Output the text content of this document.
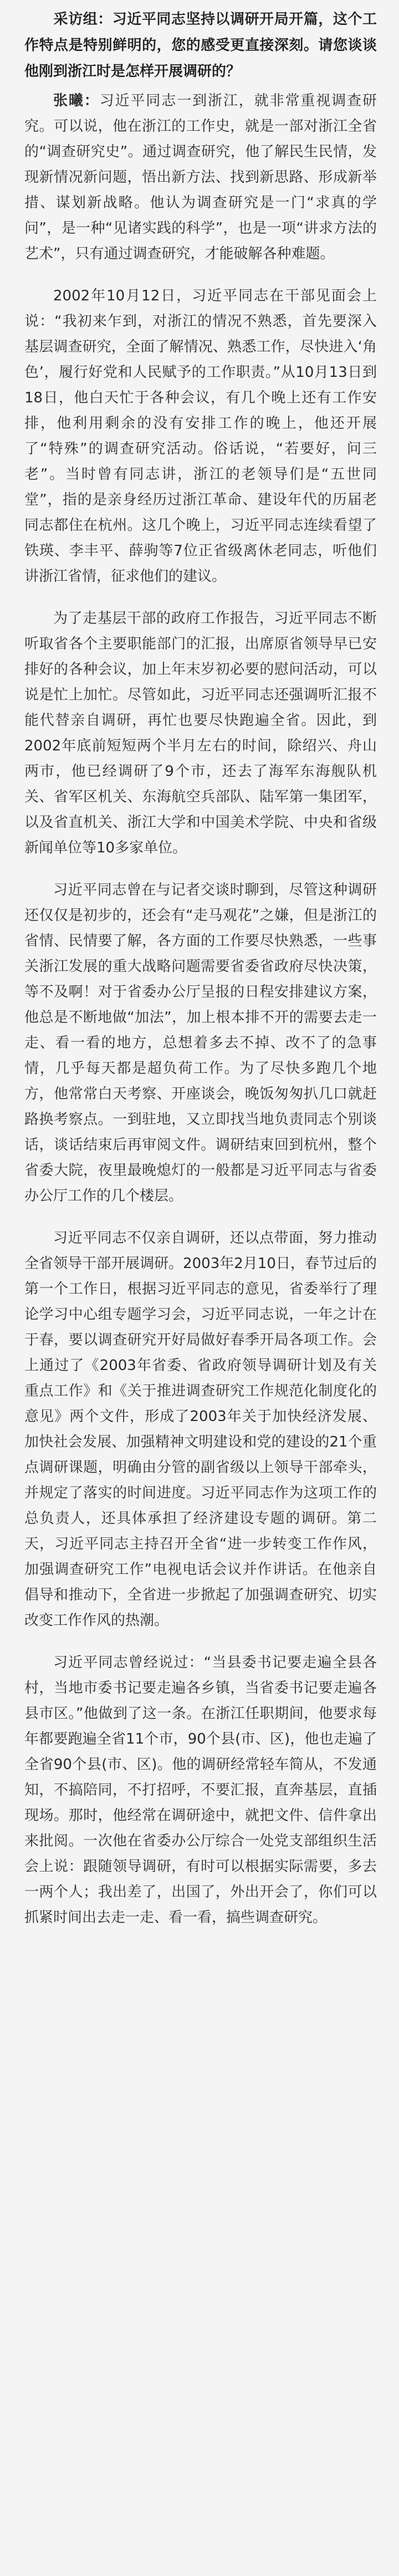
采访组：习近平同志坚持以调研开局开篇，这个工作特点是特别鲜明的，您的感受更直接深刻。请您谈谈他刚到浙江时是怎样开展调研的？

张曦：习近平同志一到浙江，就非常重视调查研究。可以说，他在浙江的工作史，就是一部对浙江全省的“调查研究史”。通过调查研究，他了解民生民情，发现新情况新问题，悟出新方法、找到新思路、形成新举措、谋划新战略。他认为调查研究是一门“求真的学问”，是一种“见诸实践的科学”，也是一项“讲求方法的艺术”，只有通过调查研究，才能破解各种难题。

2002年10月12日，习近平同志在干部见面会上说：“我初来乍到，对浙江的情况不熟悉，首先要深入基层调查研究，全面了解情况、熟悉工作，尽快进入‘角色’，履行好党和人民赋予的工作职责。”从10月13日到18日，他白天忙于各种会议，有几个晚上还有工作安排，他利用剩余的没有安排工作的晚上，他还开展了“特殊”的调查研究活动。俗话说，“若要好，问三老”。当时曾有同志讲，浙江的老领导们是“五世同堂”，指的是亲身经历过浙江革命、建设年代的历届老同志都住在杭州。这几个晚上，习近平同志连续看望了铁瑛、李丰平、薛驹等7位正省级离休老同志，听他们讲浙江省情，征求他们的建议。

为了走基层干部的政府工作报告，习近平同志不断听取省各个主要职能部门的汇报，出席原省领导早已安排好的各种会议，加上年末岁初必要的慰问活动，可以说是忙上加忙。尽管如此，习近平同志还强调听汇报不能代替亲自调研，再忙也要尽快跑遍全省。因此，到2002年底前短短两个半月左右的时间，除绍兴、舟山两市，他已经调研了9个市，还去了海军东海舰队机关、省军区机关、东海航空兵部队、陆军第一集团军，以及省直机关、浙江大学和中国美术学院、中央和省级新闻单位等10多家单位。

习近平同志曾在与记者交谈时聊到，尽管这种调研还仅仅是初步的，还会有“走马观花”之嫌，但是浙江的省情、民情要了解，各方面的工作要尽快熟悉，一些事关浙江发展的重大战略问题需要省委省政府尽快决策，等不及啊！对于省委办公厅呈报的日程安排建议方案，他总是不断地做“加法”，加上根本排不开的需要去走一走、看一看的地方，总想着多去不掉、改不了的急事情，几乎每天都是超负荷工作。为了尽快多跑几个地方，他常常白天考察、开座谈会，晚饭匆匆扒几口就赶路换考察点。一到驻地，又立即找当地负责同志个别谈话，谈话结束后再审阅文件。调研结束回到杭州，整个省委大院，夜里最晚熄灯的一般都是习近平同志与省委办公厅工作的几个楼层。

习近平同志不仅亲自调研，还以点带面，努力推动全省领导干部开展调研。2003年2月10日，春节过后的第一个工作日，根据习近平同志的意见，省委举行了理论学习中心组专题学习会，习近平同志说，一年之计在于春，要以调查研究开好局做好春季开局各项工作。会上通过了《2003年省委、省政府领导调研计划及有关重点工作》和《关于推进调查研究工作规范化制度化的意见》两个文件，形成了2003年关于加快经济发展、加快社会发展、加强精神文明建设和党的建设的21个重点调研课题，明确由分管的副省级以上领导干部牵头，并规定了落实的时间进度。习近平同志作为这项工作的总负责人，还具体承担了经济建设专题的调研。第二天，习近平同志主持召开全省“进一步转变工作作风，加强调查研究工作”电视电话会议并作讲话。在他亲自倡导和推动下，全省进一步掀起了加强调查研究、切实改变工作作风的热潮。

习近平同志曾经说过：“当县委书记要走遍全县各村，当地市委书记要走遍各乡镇，当省委书记要走遍各县市区。”他做到了这一条。在浙江任职期间，他要求每年都要跑遍全省11个市，90个县(市、区)，他也走遍了全省90个县(市、区)。他的调研经常轻车简从，不发通知，不搞陪同，不打招呼，不要汇报，直奔基层，直插现场。那时，他经常在调研途中，就把文件、信件拿出来批阅。一次他在省委办公厅综合一处党支部组织生活会上说：跟随领导调研，有时可以根据实际需要，多去一两个人；我出差了，出国了，外出开会了，你们可以抓紧时间出去走一走、看一看，搞些调查研究。
